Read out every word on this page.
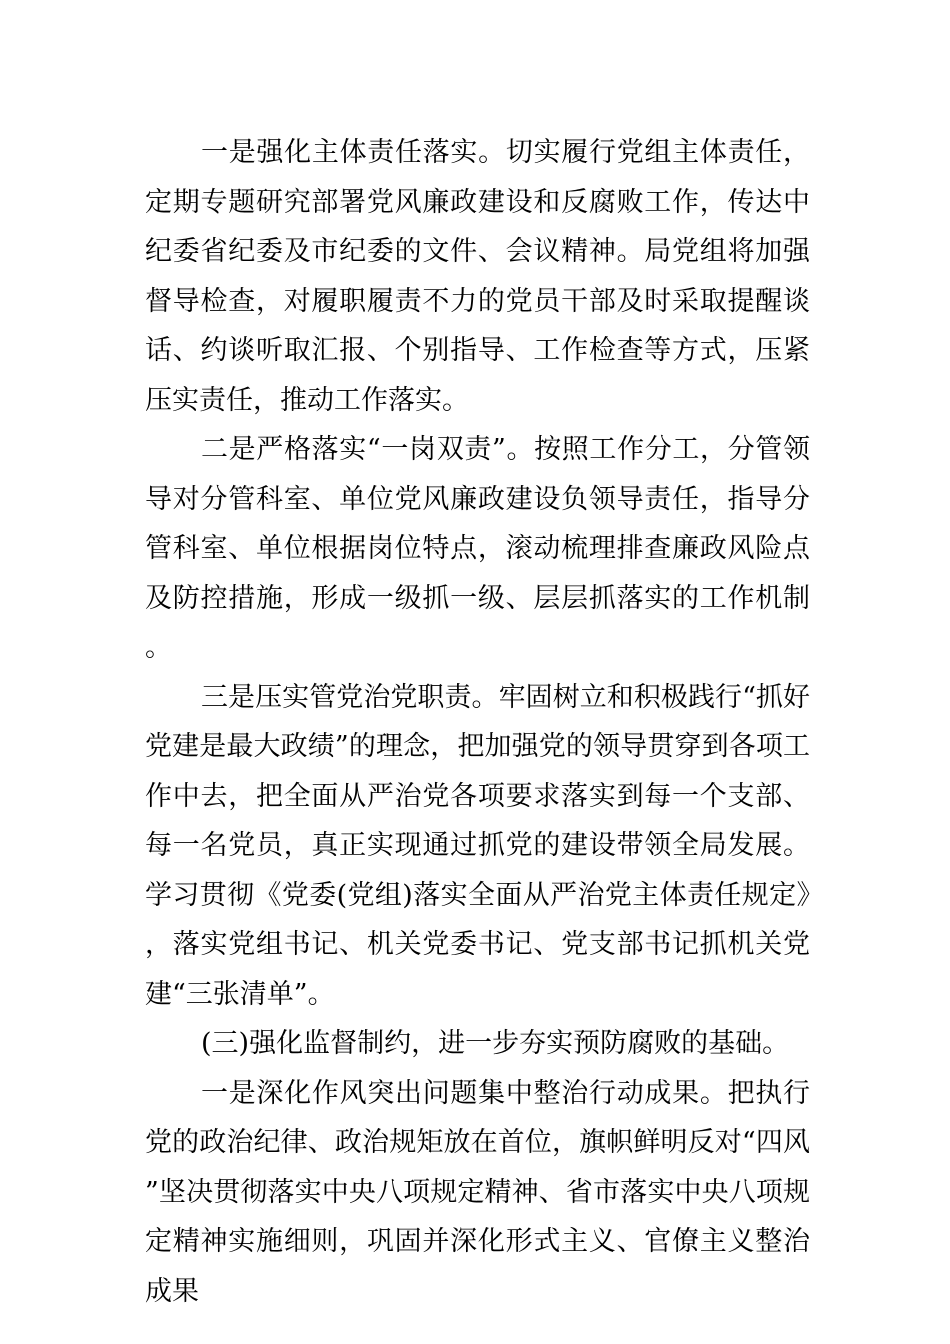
一是强化主体责任落实。切实履行党组主体责任，定期专题研究部署党风廉政建设和反腐败工作，传达中纪委省纪委及市纪委的文件、会议精神。局党组将加强督导检查，对履职履责不力的党员干部及时采取提醒谈话、约谈听取汇报、个别指导、工作检查等方式，压紧压实责任，推动工作落实。

二是严格落实“一岗双责”。按照工作分工，分管领导对分管科室、单位党风廉政建设负领导责任，指导分管科室、单位根据岗位特点，滚动梳理排查廉政风险点及防控措施，形成一级抓一级、层层抓落实的工作机制。

三是压实管党治党职责。牢固树立和积极践行“抓好党建是最大政绩”的理念，把加强党的领导贯穿到各项工作中去，把全面从严治党各项要求落实到每一个支部、每一名党员，真正实现通过抓党的建设带领全局发展。学习贯彻《党委(党组)落实全面从严治党主体责任规定》，落实党组书记、机关党委书记、党支部书记抓机关党建“三张清单”。

(三)强化监督制约，进一步夯实预防腐败的基础。

一是深化作风突出问题集中整治行动成果。把执行党的政治纪律、政治规矩放在首位，旗帜鲜明反对“四风”坚决贯彻落实中央八项规定精神、省市落实中央八项规定精神实施细则，巩固并深化形式主义、官僚主义整治成果
